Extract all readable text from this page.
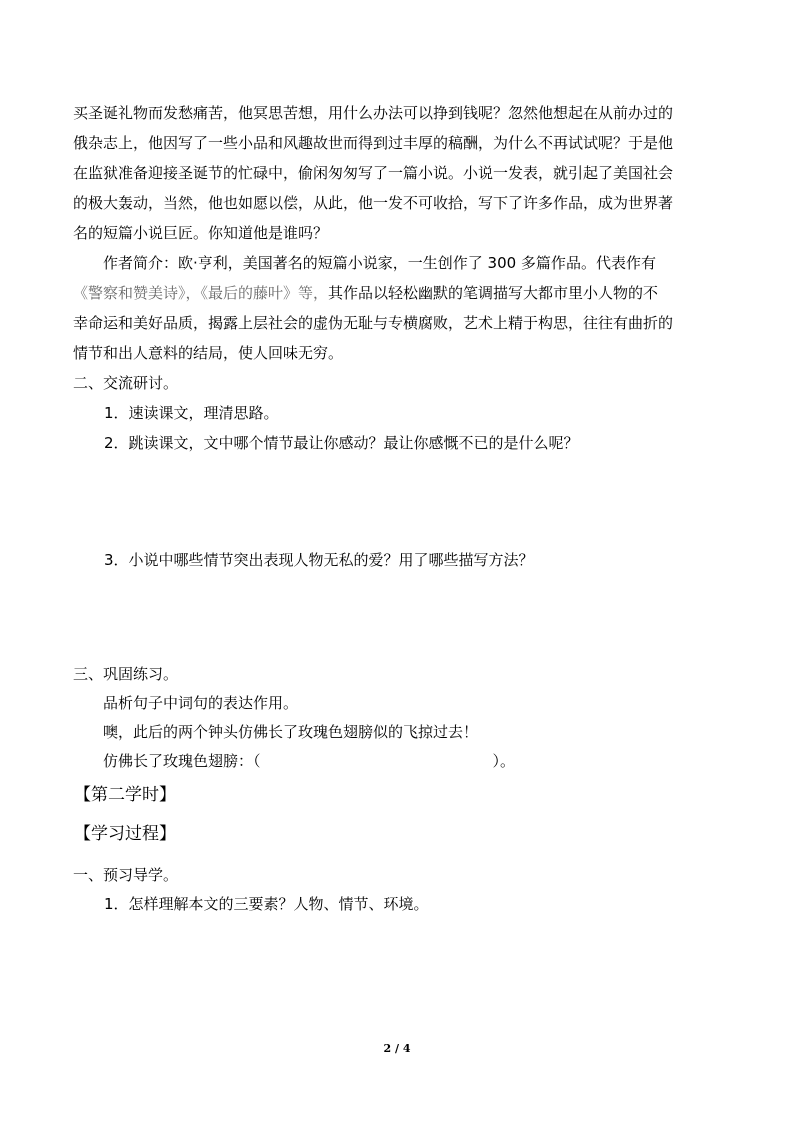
买圣诞礼物而发愁痛苦，他冥思苦想，用什么办法可以挣到钱呢？忽然他想起在从前办过的
俄杂志上，他因写了一些小品和风趣故世而得到过丰厚的稿酬，为什么不再试试呢？于是他
在监狱准备迎接圣诞节的忙碌中，偷闲匆匆写了一篇小说。小说一发表，就引起了美国社会
的极大轰动，当然，他也如愿以偿，从此，他一发不可收拾，写下了许多作品，成为世界著
名的短篇小说巨匠。你知道他是谁吗？
作者简介：欧·亨利，美国著名的短篇小说家，一生创作了 300 多篇作品。代表作有
《警察和赞美诗》，《最后的藤叶》等，其作品以轻松幽默的笔调描写大都市里小人物的不
幸命运和美好品质，揭露上层社会的虚伪无耻与专横腐败，艺术上精于构思，往往有曲折的
情节和出人意料的结局，使人回味无穷。
二、交流研讨。
1．速读课文，理清思路。
2．跳读课文，文中哪个情节最让你感动？最让你感慨不已的是什么呢？
3．小说中哪些情节突出表现人物无私的爱？用了哪些描写方法？
三、巩固练习。
品析句子中词句的表达作用。
噢，此后的两个钟头仿佛长了玫瑰色翅膀似的飞掠过去！
仿佛长了玫瑰色翅膀：（	）。
【第二学时】
【学习过程】
一、预习导学。
1．怎样理解本文的三要素？人物、情节、环境。
2 / 4
